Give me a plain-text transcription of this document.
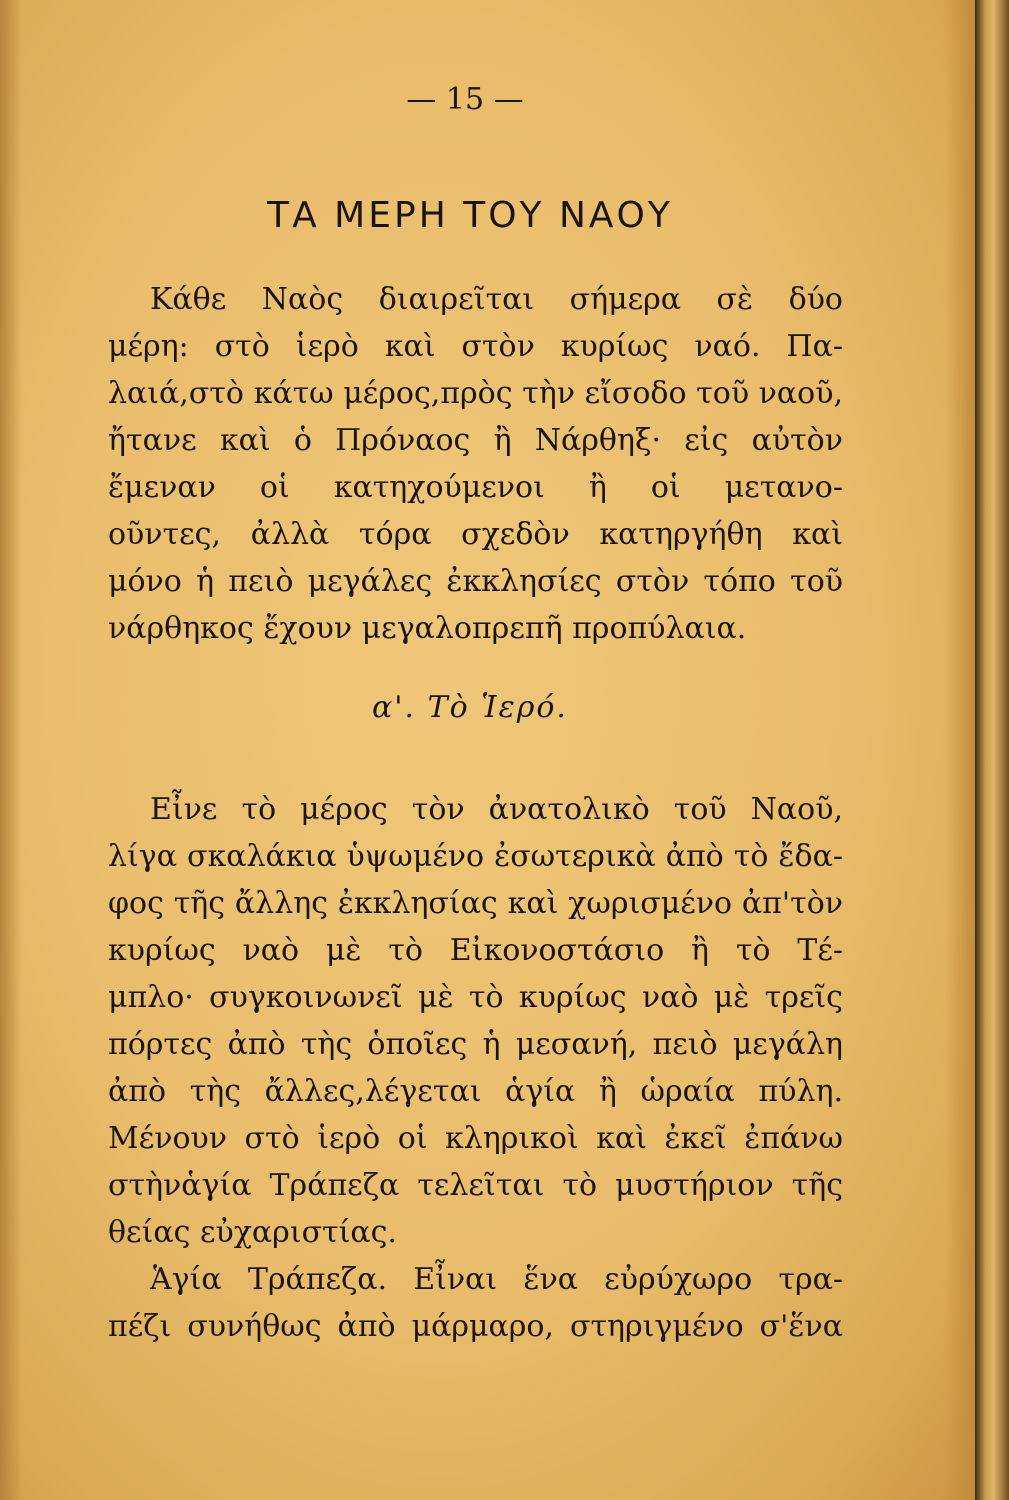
— 15 —
ΤΑ ΜΕΡΗ ΤΟΥ ΝΑΟΥ
Κάθε Ναὸς διαιρεῖται σήμερα σὲ δύο
μέρη: στὸ ἱερὸ καὶ στὸν κυρίως ναό. Πα-
λαιά,στὸ κάτω μέρος,πρὸς τὴν εἴσοδο τοῦ ναοῦ,
ἤτανε καὶ ὁ Πρόναος ἢ Νάρθηξ· εἰς αὐτὸν
ἔμεναν οἱ κατηχούμενοι ἢ οἱ μετανο-
οῦντες, ἀλλὰ τόρα σχεδὸν κατηργήθη καὶ
μόνο ἡ πειὸ μεγάλες ἐκκλησίες στὸν τόπο τοῦ
νάρθηκος ἔχουν μεγαλοπρεπῆ προπύλαια.
α'. Τὸ Ἱερό.
Εἶνε τὸ μέρος τὸν ἀνατολικὸ τοῦ Ναοῦ,
λίγα σκαλάκια ὑψωμένο ἐσωτερικὰ ἀπὸ τὸ ἔδα-
φος τῆς ἄλλης ἐκκλησίας καὶ χωρισμένο ἀπ'τὸν
κυρίως ναὸ μὲ τὸ Εἰκονοστάσιο ἢ τὸ Τέ-
μπλο· συγκοινωνεῖ μὲ τὸ κυρίως ναὸ μὲ τρεῖς
πόρτες ἀπὸ τὴς ὁποῖες ἡ μεσανή, πειὸ μεγάλη
ἀπὸ τὴς ἄλλες,λέγεται ἁγία ἢ ὡραία πύλη.
Μένουν στὸ ἱερὸ οἱ κληρικοὶ καὶ ἐκεῖ ἐπάνω
στὴνἁγία Τράπεζα τελεῖται τὸ μυστήριον τῆς
θείας εὐχαριστίας.
Ἁγία Τράπεζα. Εἶναι ἕνα εὐρύχωρο τρα-
πέζι συνήθως ἀπὸ μάρμαρο, στηριγμένο σ'ἕνα
